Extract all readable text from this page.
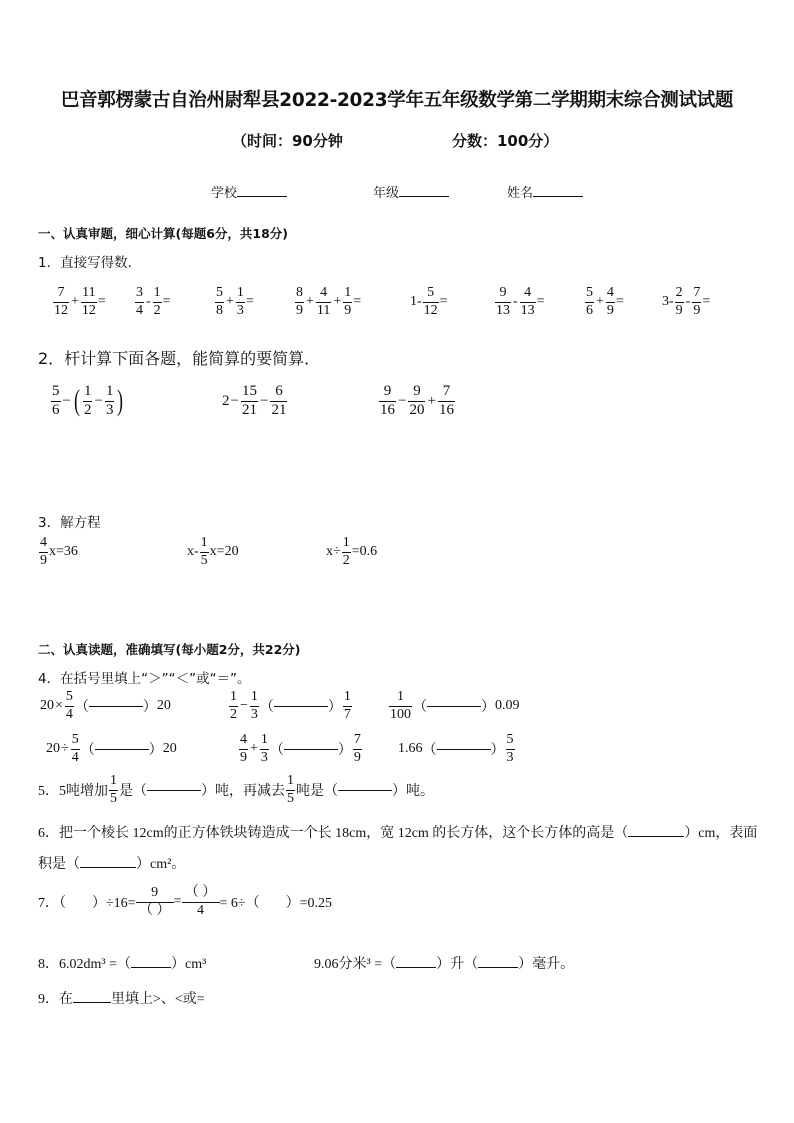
巴音郭楞蒙古自治州尉犁县2022-2023学年五年级数学第二学期期末综合测试试题
（时间：90分钟	分数：100分）
学校	年级	姓名
一、认真审题，细心计算(每题6分，共18分)
1．直接写得数．
7
12
+ $\frac{11}{12}$ =
3
4
- $\frac{1}{2}$ =
5
8
+ $\frac{1}{3}$ =
8
9
+ $\frac{4}{11} + \frac{1}{9}$ =	$1- \frac{5}{12}$ =
9
13
- $\frac{4}{13}$ =
5
6
+ $\frac{4}{9}$ =	3-
2
9
- $\frac{7}{9}$ =
2．杆计算下面各题，能简算的要简算．
5
6
− ( 1
2
− $\frac{1}{3}$ )	$2 - \frac{15}{21} - \frac{6}{21}$	9
16
− $\frac{9}{20} + \frac{7}{16}$
3．解方程
4
9
x=36	x-
1
5
x=20	$x\div \frac{1}{2} =0.6$
二、认真读题，准确填写(每小题2分，共22分)
4．在括号里填上“＞”“＜”或“＝”。
$20 \times \frac{5}{4}$ （	） 20
1
2
− $\frac{1}{3}$ （	）
1
7
1
100 （	） 0.09
$20 \div \frac{5}{4}$ （	） 20
4
9
+ $\frac{1}{3}$ （	）
7
9
1.66 （	）
5
3
5．5吨增加
1
5 是（	）吨，再减去
1
5 吨是（	）吨。
6．把一个棱长 12cm的正方体铁块铸造成一个长 18cm，宽 12cm 的长方体，这个长方体的高是（	）cm，表面
积是（	）cm²。
7．（ ）÷16=
9
（ ）
=
（ ）
4	= 6÷（ ）=0.25
8．6.02dm³ =（	）cm³	9.06分米³ =（	）升（	）毫升。
9．在	里填上>、<或=
